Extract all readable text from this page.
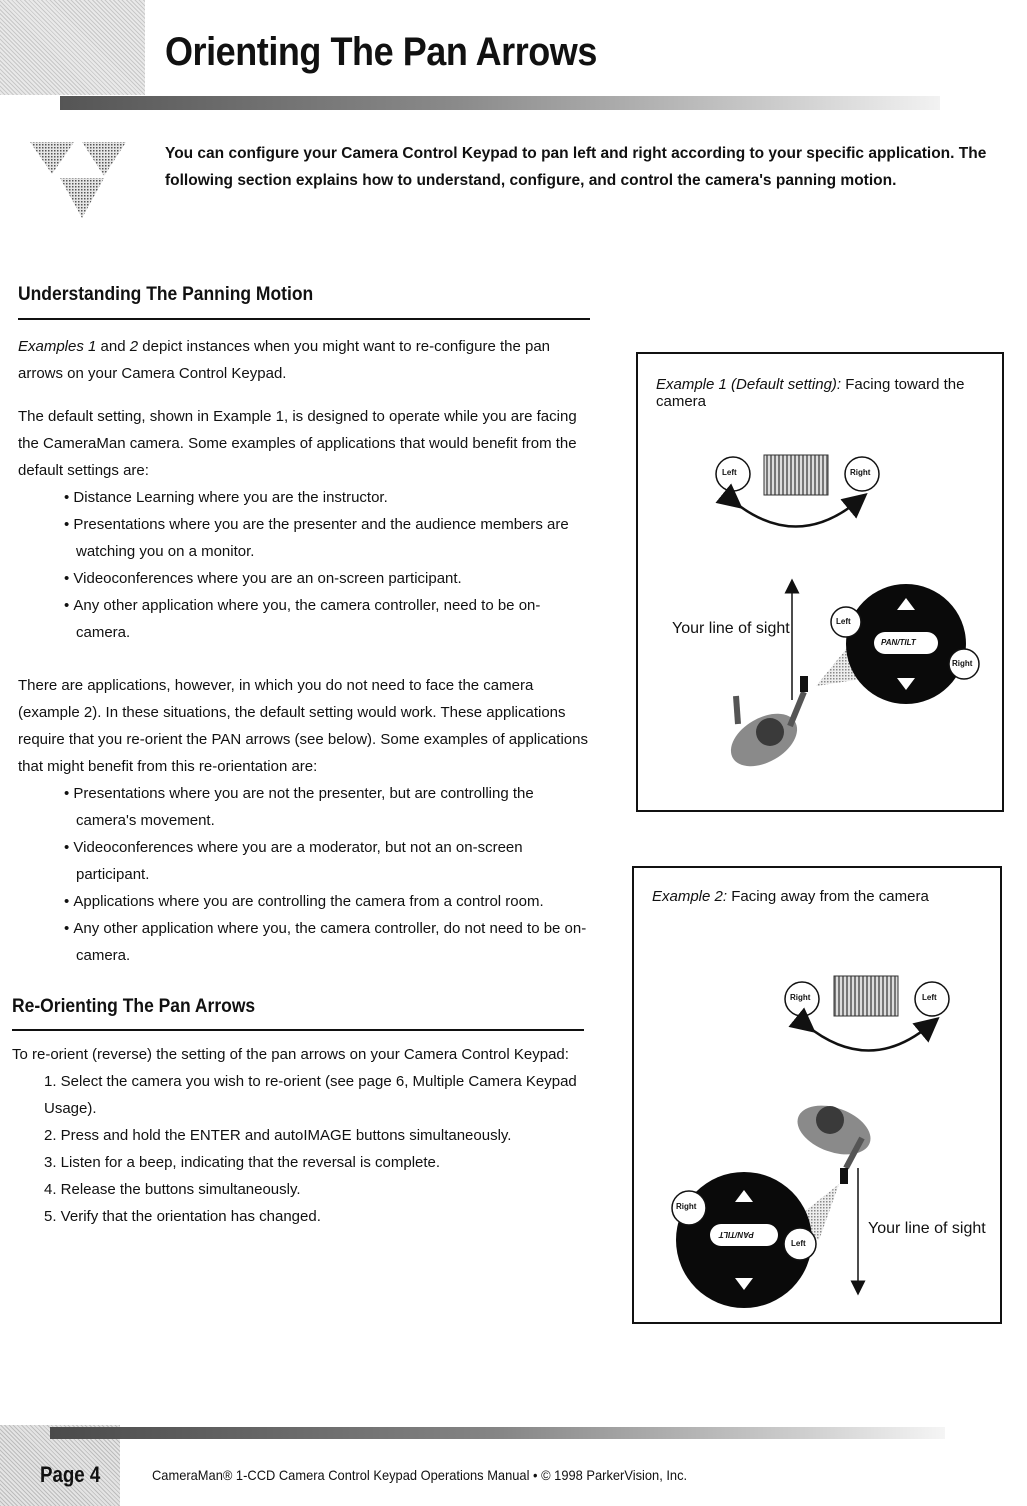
Orienting The Pan Arrows
You can configure your Camera Control Keypad to pan left and right according to your specific application. The following section explains how to understand, configure, and control the camera's panning motion.
Understanding The Panning Motion

Examples 1 and 2 depict instances when you might want to re-configure the pan arrows on your Camera Control Keypad.

The default setting, shown in Example 1, is designed to operate while you are facing the CameraMan camera. Some examples of applications that would benefit from the default settings are:

• Distance Learning where you are the instructor.
• Presentations where you are the presenter and the audience members are watching you on a monitor.
• Videoconferences where you are an on-screen participant.
• Any other application where you, the camera controller, need to be on-camera.

There are applications, however, in which you do not need to face the camera (example 2). In these situations, the default setting would work. These applications require that you re-orient the PAN arrows (see below). Some examples of applications that might benefit from this re-orientation are:

• Presentations where you are not the presenter, but are controlling the camera's movement.
• Videoconferences where you are a moderator, but not an on-screen participant.
• Applications where you are controlling the camera from a control room.
• Any other application where you, the camera controller, do not need to be on-camera.
Re-Orienting The Pan Arrows

To re-orient (reverse) the setting of the pan arrows on your Camera Control Keypad:

1. Select the camera you wish to re-orient (see page 6, Multiple Camera Keypad Usage).
2. Press and hold the ENTER and autoIMAGE buttons simultaneously.
3. Listen for a beep, indicating that the reversal is complete.
4. Release the buttons simultaneously.
5. Verify that the orientation has changed.
Example 1 (Default setting): Facing toward the camera
Left	Right
Your line of sight	Left
Right
PAN/TILT
Example 2: Facing away from the camera
Right	Left
Right
Left
PAN/TILT	Your line of sight
Page 4	CameraMan® 1-CCD Camera Control Keypad Operations Manual • © 1998 ParkerVision, Inc.
